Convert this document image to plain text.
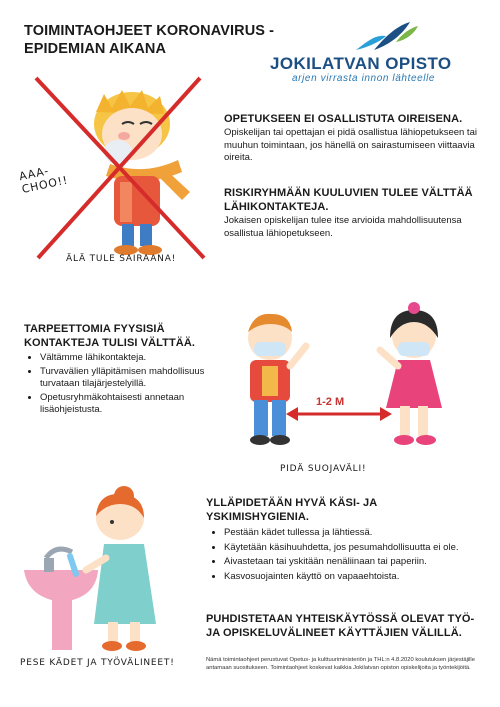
TOIMINTAOHJEET KORONAVIRUS -
EPIDEMIAN AIKANA
JOKILATVAN OPISTO
arjen virrasta innon lähteelle
AAA-CHOO!!
ÄLÄ TULE SAIRAANA!
OPETUKSEEN EI OSALLISTUTA OIREISENA.
Opiskelijan tai opettajan ei pidä osallistua lähiopetukseen tai muuhun toimintaan, jos hänellä on sairastumiseen viittaavia oireita.
RISKIRYHMÄÄN KUULUVIEN TULEE VÄLTTÄÄ
LÄHIKONTAKTEJA.
Jokaisen opiskelijan tulee itse arvioida mahdollisuutensa osallistua lähiopetukseen.
TARPEETTOMIA FYYSISIÄ
KONTAKTEJA TULISI VÄLTTÄÄ.
• Vältämme lähikontakteja.
• Turvavälien ylläpitämisen mahdollisuus turvataan tilajärjestelyillä.
• Opetusryhmäkohtaisesti annetaan lisäohjeistusta.
1-2 M
PIDÄ SUOJAVÄLI!
PESE KÄDET JA TYÖVÄLINEET!
YLLÄPIDETÄÄN HYVÄ KÄSI- JA
YSKIMISHYGIENIA.
• Pestään kädet tullessa ja lähtiessä.
• Käytetään käsihuuhdetta, jos pesumahdollisuutta ei ole.
• Aivastetaan tai yskitään nenäliinaan tai paperiin.
• Kasvosuojainten käyttö on vapaaehtoista.
PUHDISTETAAN YHTEISKÄYTÖSSÄ OLEVAT TYÖ-
JA OPISKELUVÄLINEET KÄYTTÄJIEN VÄLILLÄ.
Nämä toimintaohjeet perustuvat Opetus- ja kulttuuriministeriön ja THL:n 4.8.2020 koulutuksen järjestäjille antamaan suositukseen. Toimintaohjeet koskevat kaikkia Jokilatvan opiston opiskelijoita ja työntekijöitä.
